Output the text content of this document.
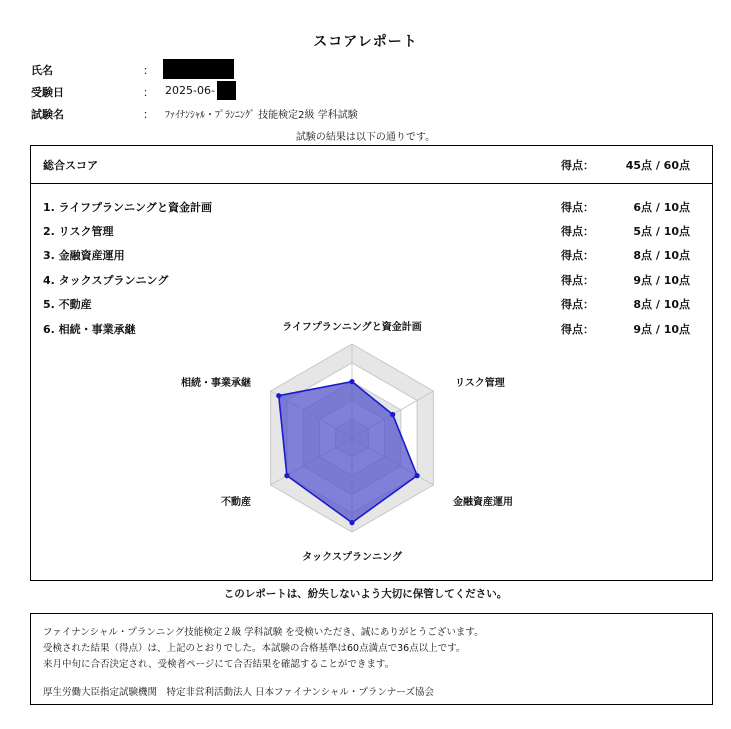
スコアレポート
氏名	：
受験日	： 2025-06-
試験名	： ﾌｧｲﾅﾝｼｬﾙ・ﾌﾟﾗﾝﾆﾝｸﾞ 技能検定2級 学科試験
試験の結果は以下の通りです。
総合スコア	得点：	45点 / 60点
1. ライフプランニングと資金計画	得点：	6点 / 10点
2. リスク管理	得点：	5点 / 10点
3. 金融資産運用	得点：	8点 / 10点
4. タックスプランニング	得点：	9点 / 10点
5. 不動産	得点：	8点 / 10点
6. 相続・事業承継	得点：	9点 / 10点
ライフプランニングと資金計画
リスク管理
金融資産運用
タックスプランニング
不動産
相続・事業承継
このレポートは、紛失しないよう大切に保管してください。
ファイナンシャル・プランニング技能検定２級 学科試験 を受検いただき、誠にありがとうございます。
受検された結果（得点）は、上記のとおりでした。本試験の合格基準は60点満点で36点以上です。
来月中旬に合否決定され、受検者ページにて合否結果を確認することができます。
厚生労働大臣指定試験機関　特定非営利活動法人 日本ファイナンシャル・プランナーズ協会
